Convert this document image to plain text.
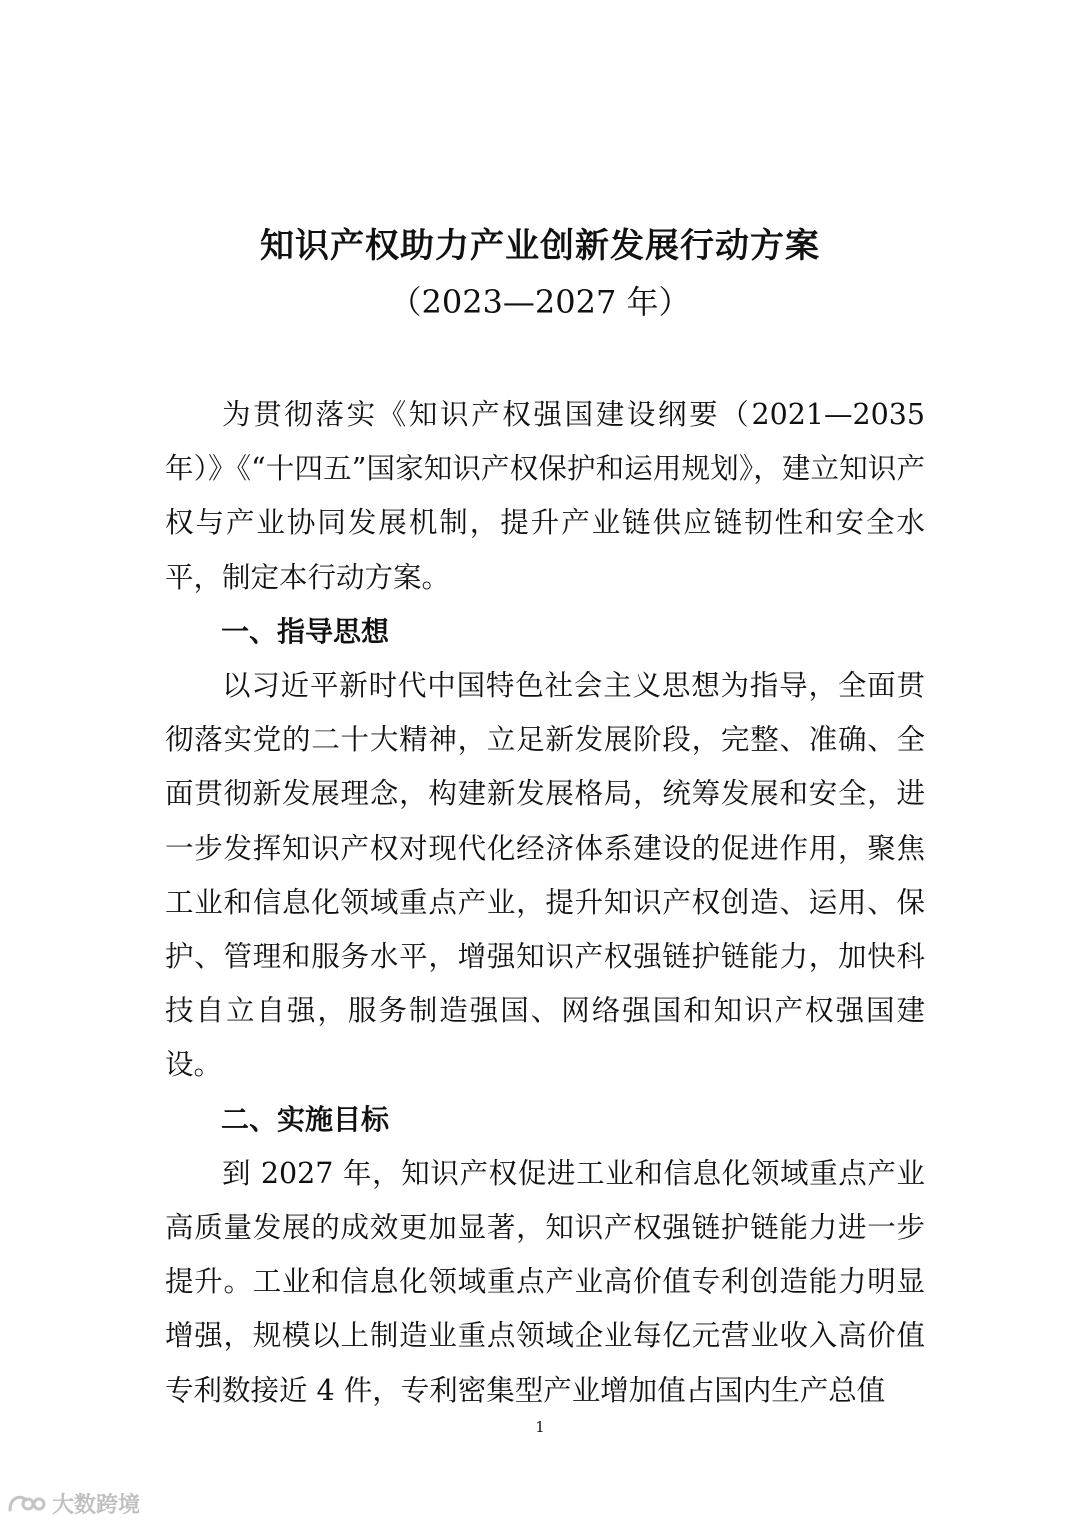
知识产权助力产业创新发展行动方案
（2023—2027 年）

为贯彻落实《知识产权强国建设纲要（2021—2035 年）》《“十四五”国家知识产权保护和运用规划》，建立知识产权与产业协同发展机制，提升产业链供应链韧性和安全水平，制定本行动方案。

一、指导思想

以习近平新时代中国特色社会主义思想为指导，全面贯彻落实党的二十大精神，立足新发展阶段，完整、准确、全面贯彻新发展理念，构建新发展格局，统筹发展和安全，进一步发挥知识产权对现代化经济体系建设的促进作用，聚焦工业和信息化领域重点产业，提升知识产权创造、运用、保护、管理和服务水平，增强知识产权强链护链能力，加快科技自立自强，服务制造强国、网络强国和知识产权强国建设。

二、实施目标

到 2027 年，知识产权促进工业和信息化领域重点产业高质量发展的成效更加显著，知识产权强链护链能力进一步提升。工业和信息化领域重点产业高价值专利创造能力明显增强，规模以上制造业重点领域企业每亿元营业收入高价值专利数接近 4 件，专利密集型产业增加值占国内生产总值

1
大数跨境
